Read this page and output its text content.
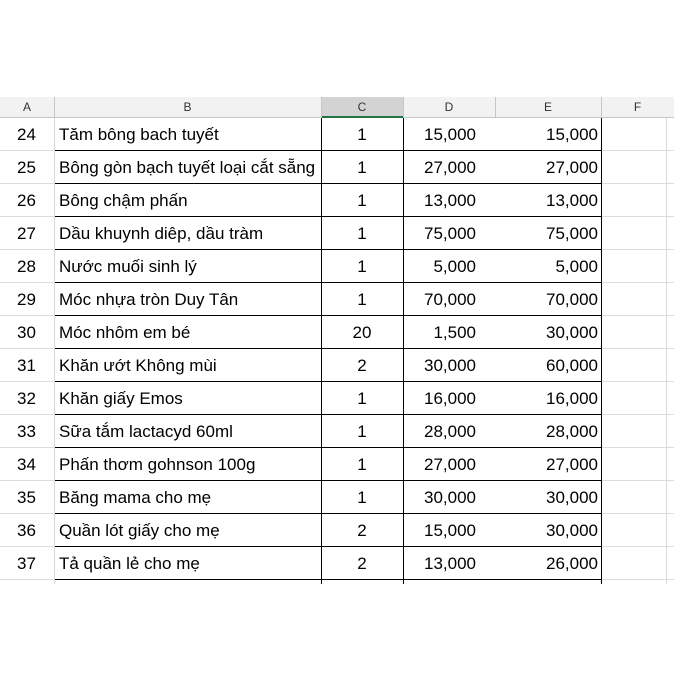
A	B	C	D	E	F
24	Tăm bông bach tuyết	1	15,000	15,000
25	Bông gòn bạch tuyết loại cắt sẵng	1	27,000	27,000
26	Bông chậm phấn	1	13,000	13,000
27	Dầu khuynh diêp, dầu tràm	1	75,000	75,000
28	Nước muối sinh lý	1	5,000	5,000
29	Móc nhựa tròn Duy Tân	1	70,000	70,000
30	Móc nhôm em bé	20	1,500	30,000
31	Khăn ướt Không mùi	2	30,000	60,000
32	Khăn giấy Emos	1	16,000	16,000
33	Sữa tắm lactacyd 60ml	1	28,000	28,000
34	Phấn thơm gohnson 100g	1	27,000	27,000
35	Băng mama cho mẹ	1	30,000	30,000
36	Quần lót giấy cho mẹ	2	15,000	30,000
37	Tả quần lẻ cho mẹ	2	13,000	26,000
